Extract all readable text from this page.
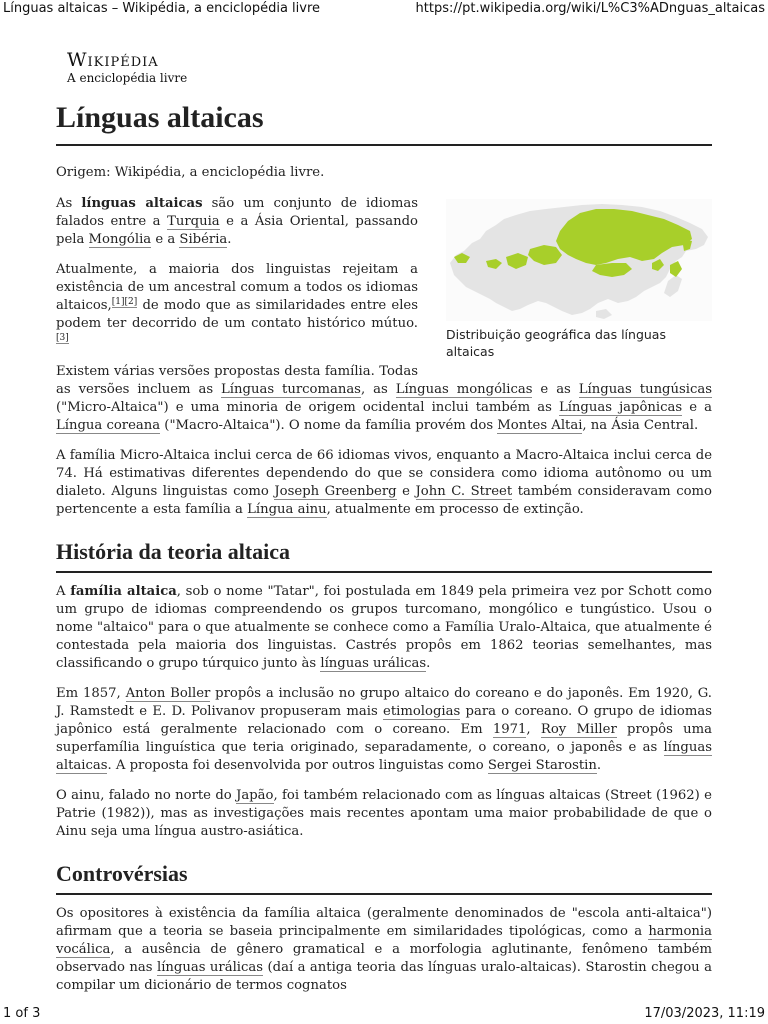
Línguas altaicas – Wikipédia, a enciclopédia livre	https://pt.wikipedia.org/wiki/L%C3%ADnguas_altaicas
Wikipédia
A enciclopédia livre
Línguas altaicas

Origem: Wikipédia, a enciclopédia livre.

Distribuição geográfica das línguas altaicas

As línguas altaicas são um conjunto de idiomas falados entre a Turquia e a Ásia Oriental, passando pela Mongólia e a Sibéria.

Atualmente, a maioria dos linguistas rejeitam a existência de um ancestral comum a todos os idiomas altaicos,[1][2] de modo que as similaridades entre eles podem ter decorrido de um contato histórico mútuo.[3]

Existem várias versões propostas desta família. Todas as versões incluem as Línguas turcomanas, as Línguas mongólicas e as Línguas tungúsicas ("Micro-Altaica") e uma minoria de origem ocidental inclui também as Línguas japônicas e a Língua coreana ("Macro-Altaica"). O nome da família provém dos Montes Altai, na Ásia Central.

A família Micro-Altaica inclui cerca de 66 idiomas vivos, enquanto a Macro-Altaica inclui cerca de 74. Há estimativas diferentes dependendo do que se considera como idioma autônomo ou um dialeto. Alguns linguistas como Joseph Greenberg e John C. Street também consideravam como pertencente a esta família a Língua ainu, atualmente em processo de extinção.

História da teoria altaica

A família altaica, sob o nome "Tatar", foi postulada em 1849 pela primeira vez por Schott como um grupo de idiomas compreendendo os grupos turcomano, mongólico e tungústico. Usou o nome "altaico" para o que atualmente se conhece como a Família Uralo-Altaica, que atualmente é contestada pela maioria dos linguistas. Castrés propôs em 1862 teorias semelhantes, mas classificando o grupo túrquico junto às línguas urálicas.

Em 1857, Anton Boller propôs a inclusão no grupo altaico do coreano e do japonês. Em 1920, G. J. Ramstedt e E. D. Polivanov propuseram mais etimologias para o coreano. O grupo de idiomas japônico está geralmente relacionado com o coreano. Em 1971, Roy Miller propôs uma superfamília linguística que teria originado, separadamente, o coreano, o japonês e as línguas altaicas. A proposta foi desenvolvida por outros linguistas como Sergei Starostin.

O ainu, falado no norte do Japão, foi também relacionado com as línguas altaicas (Street (1962) e Patrie (1982)), mas as investigações mais recentes apontam uma maior probabilidade de que o Ainu seja uma língua austro-asiática.

Controvérsias

Os opositores à existência da família altaica (geralmente denominados de "escola anti-altaica") afirmam que a teoria se baseia principalmente em similaridades tipológicas, como a harmonia vocálica, a ausência de gênero gramatical e a morfologia aglutinante, fenômeno também observado nas línguas urálicas (daí a antiga teoria das línguas uralo-altaicas). Starostin chegou a compilar um dicionário de termos cognatos

1 of 3	17/03/2023, 11:19
